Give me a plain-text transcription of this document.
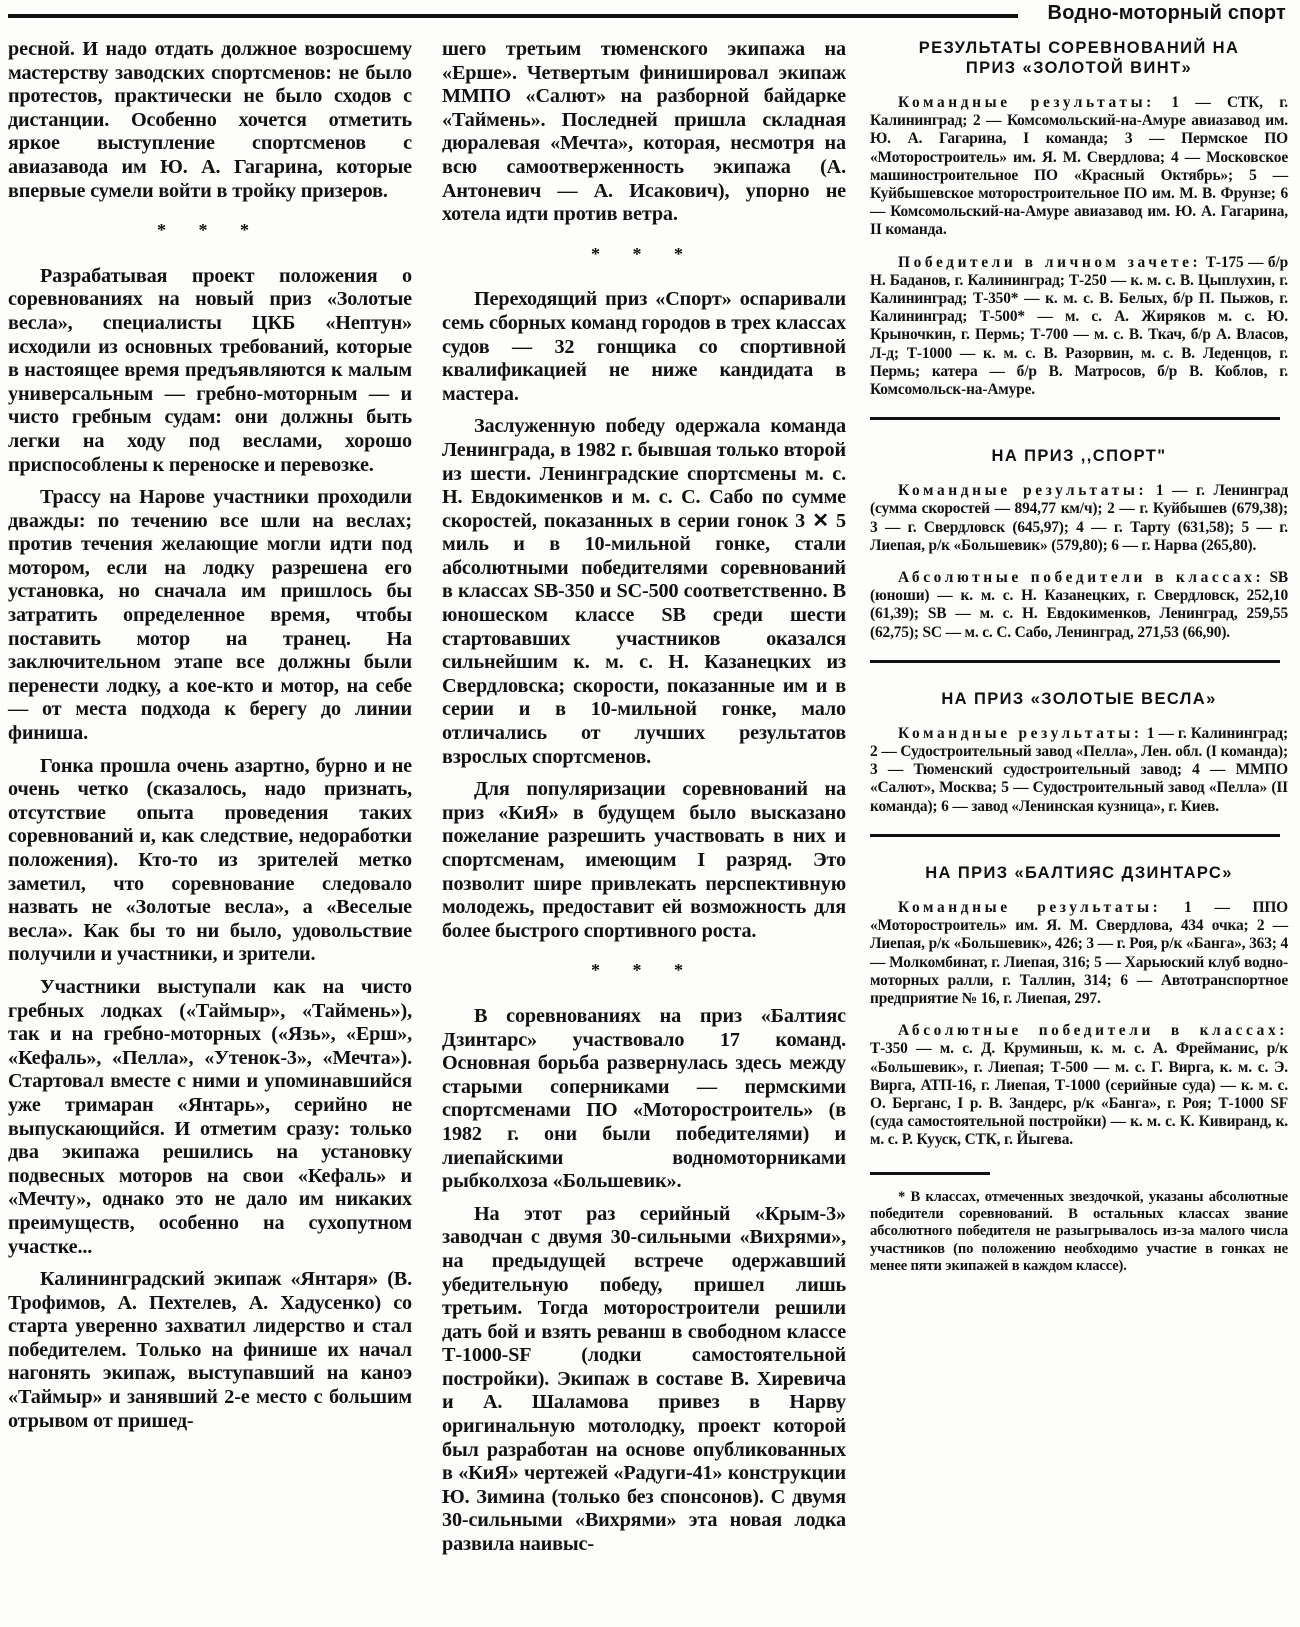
Водно-моторный спорт

ресной. И надо отдать должное возросшему мастерству заводских спортсменов: не было протестов, практически не было сходов с дистанции. Особенно хочется отметить яркое выступление спортсменов с авиазавода им Ю. А. Гагарина, которые впервые сумели войти в тройку призеров.

* * *

Разрабатывая проект положения о соревнованиях на новый приз «Золотые весла», специалисты ЦКБ «Нептун» исходили из основных требований, которые в настоящее время предъявляются к малым универсальным — гребно-моторным — и чисто гребным судам: они должны быть легки на ходу под веслами, хорошо приспособлены к переноске и перевозке.

Трассу на Нарове участники проходили дважды: по течению все шли на веслах; против течения желающие могли идти под мотором, если на лодку разрешена его установка, но сначала им пришлось бы затратить определенное время, чтобы поставить мотор на транец. На заключительном этапе все должны были перенести лодку, а кое-кто и мотор, на себе — от места подхода к берегу до линии финиша.

Гонка прошла очень азартно, бурно и не очень четко (сказалось, надо признать, отсутствие опыта проведения таких соревнований и, как следствие, недоработки положения). Кто-то из зрителей метко заметил, что соревнование следовало назвать не «Золотые весла», а «Веселые весла». Как бы то ни было, удовольствие получили и участники, и зрители.

Участники выступали как на чисто гребных лодках («Таймыр», «Таймень»), так и на гребно-моторных («Язь», «Ерш», «Кефаль», «Пелла», «Утенок-3», «Мечта»). Стартовал вместе с ними и упоминавшийся уже тримаран «Янтарь», серийно не выпускающийся. И отметим сразу: только два экипажа решились на установку подвесных моторов на свои «Кефаль» и «Мечту», однако это не дало им никаких преимуществ, особенно на сухопутном участке...

Калининградский экипаж «Янтаря» (В. Трофимов, А. Пехтелев, А. Хадусенко) со старта уверенно захватил лидерство и стал победителем. Только на финише их начал нагонять экипаж, выступавший на каноэ «Таймыр» и занявший 2-е место с большим отрывом от пришед-

шего третьим тюменского экипажа на «Ерше». Четвертым финишировал экипаж ММПО «Салют» на разборной байдарке «Таймень». Последней пришла складная дюралевая «Мечта», которая, несмотря на всю самоотверженность экипажа (А. Антоневич — А. Исакович), упорно не хотела идти против ветра.

* * *

Переходящий приз «Спорт» оспаривали семь сборных команд городов в трех классах судов — 32 гонщика со спортивной квалификацией не ниже кандидата в мастера.

Заслуженную победу одержала команда Ленинграда, в 1982 г. бывшая только второй из шести. Ленинградские спортсмены м. с. Н. Евдокименков и м. с. С. Сабо по сумме скоростей, показанных в серии гонок 3 ✕ 5 миль и в 10-мильной гонке, стали абсолютными победителями соревнований в классах SB-350 и SC-500 соответственно. В юношеском классе SB среди шести стартовавших участников оказался сильнейшим к. м. с. Н. Казанецких из Свердловска; скорости, показанные им и в серии и в 10-мильной гонке, мало отличались от лучших результатов взрослых спортсменов.

Для популяризации соревнований на приз «КиЯ» в будущем было высказано пожелание разрешить участвовать в них и спортсменам, имеющим I разряд. Это позволит шире привлекать перспективную молодежь, предоставит ей возможность для более быстрого спортивного роста.

* * *

В соревнованиях на приз «Балтияс Дзинтарс» участвовало 17 команд. Основная борьба развернулась здесь между старыми соперниками — пермскими спортсменами ПО «Моторостроитель» (в 1982 г. они были победителями) и лиепайскими водномоторниками рыбколхоза «Большевик».

На этот раз серийный «Крым-3» заводчан с двумя 30-сильными «Вихрями», на предыдущей встрече одержавший убедительную победу, пришел лишь третьим. Тогда моторостроители решили дать бой и взять реванш в свободном классе Т-1000-SF (лодки самостоятельной постройки). Экипаж в составе В. Хиревича и А. Шаламова привез в Нарву оригинальную мотолодку, проект которой был разработан на основе опубликованных в «КиЯ» чертежей «Радуги-41» конструкции Ю. Зимина (только без спонсонов). С двумя 30-сильными «Вихрями» эта новая лодка развила наивыс-

РЕЗУЛЬТАТЫ СОРЕВНОВАНИЙ НА ПРИЗ «ЗОЛОТОЙ ВИНТ»

Командные результаты: 1 — СТК, г. Калининград; 2 — Комсомольский-на-Амуре авиазавод им. Ю. А. Гагарина, I команда; 3 — Пермское ПО «Моторостроитель» им. Я. М. Свердлова; 4 — Московское машиностроительное ПО «Красный Октябрь»; 5 — Куйбышевское моторостроительное ПО им. М. В. Фрунзе; 6 — Комсомольский-на-Амуре авиазавод им. Ю. А. Гагарина, II команда.

Победители в личном зачете: Т-175 — б/р Н. Баданов, г. Калининград; Т-250 — к. м. с. В. Цыплухин, г. Калининград; Т-350* — к. м. с. В. Белых, б/р П. Пыжов, г. Калининград; Т-500* — м. с. А. Жиряков м. с. Ю. Крыночкин, г. Пермь; Т-700 — м. с. В. Ткач, б/р А. Власов, Л-д; Т-1000 — к. м. с. В. Разорвин, м. с. В. Леденцов, г. Пермь; катера — б/р В. Матросов, б/р В. Коблов, г. Комсомольск-на-Амуре.

НА ПРИЗ ,,СПОРТ"

Командные результаты: 1 — г. Ленинград (сумма скоростей — 894,77 км/ч); 2 — г. Куйбышев (679,38); 3 — г. Свердловск (645,97); 4 — г. Тарту (631,58); 5 — г. Лиепая, р/к «Большевик» (579,80); 6 — г. Нарва (265,80).

Абсолютные победители в классах: SB (юноши) — к. м. с. Н. Казанецких, г. Свердловск, 252,10 (61,39); SB — м. с. Н. Евдокименков, Ленинград, 259,55 (62,75); SC — м. с. С. Сабо, Ленинград, 271,53 (66,90).

НА ПРИЗ «ЗОЛОТЫЕ ВЕСЛА»

Командные результаты: 1 — г. Калининград; 2 — Судостроительный завод «Пелла», Лен. обл. (I команда); 3 — Тюменский судостроительный завод; 4 — ММПО «Салют», Москва; 5 — Судостроительный завод «Пелла» (II команда); 6 — завод «Ленинская кузница», г. Киев.

НА ПРИЗ «БАЛТИЯС ДЗИНТАРС»

Командные результаты: 1 — ППО «Моторостроитель» им. Я. М. Свердлова, 434 очка; 2 — Лиепая, р/к «Большевик», 426; 3 — г. Роя, р/к «Банга», 363; 4 — Молкомбинат, г. Лиепая, 316; 5 — Харьюский клуб водно-моторных ралли, г. Таллин, 314; 6 — Автотранспортное предприятие № 16, г. Лиепая, 297.

Абсолютные победители в классах: Т-350 — м. с. Д. Круминьш, к. м. с. А. Фрейманис, р/к «Большевик», г. Лиепая; Т-500 — м. с. Г. Вирга, к. м. с. Э. Вирга, АТП-16, г. Лиепая, Т-1000 (серийные суда) — к. м. с. О. Берганс, I р. В. Зандерс, р/к «Банга», г. Роя; Т-1000 SF (суда самостоятельной постройки) — к. м. с. К. Кивиранд, к. м. с. Р. Кууск, СТК, г. Йыгева.

* В классах, отмеченных звездочкой, указаны абсолютные победители соревнований. В остальных классах звание абсолютного победителя не разыгрывалось из-за малого числа участников (по положению необходимо участие в гонках не менее пяти экипажей в каждом классе).
